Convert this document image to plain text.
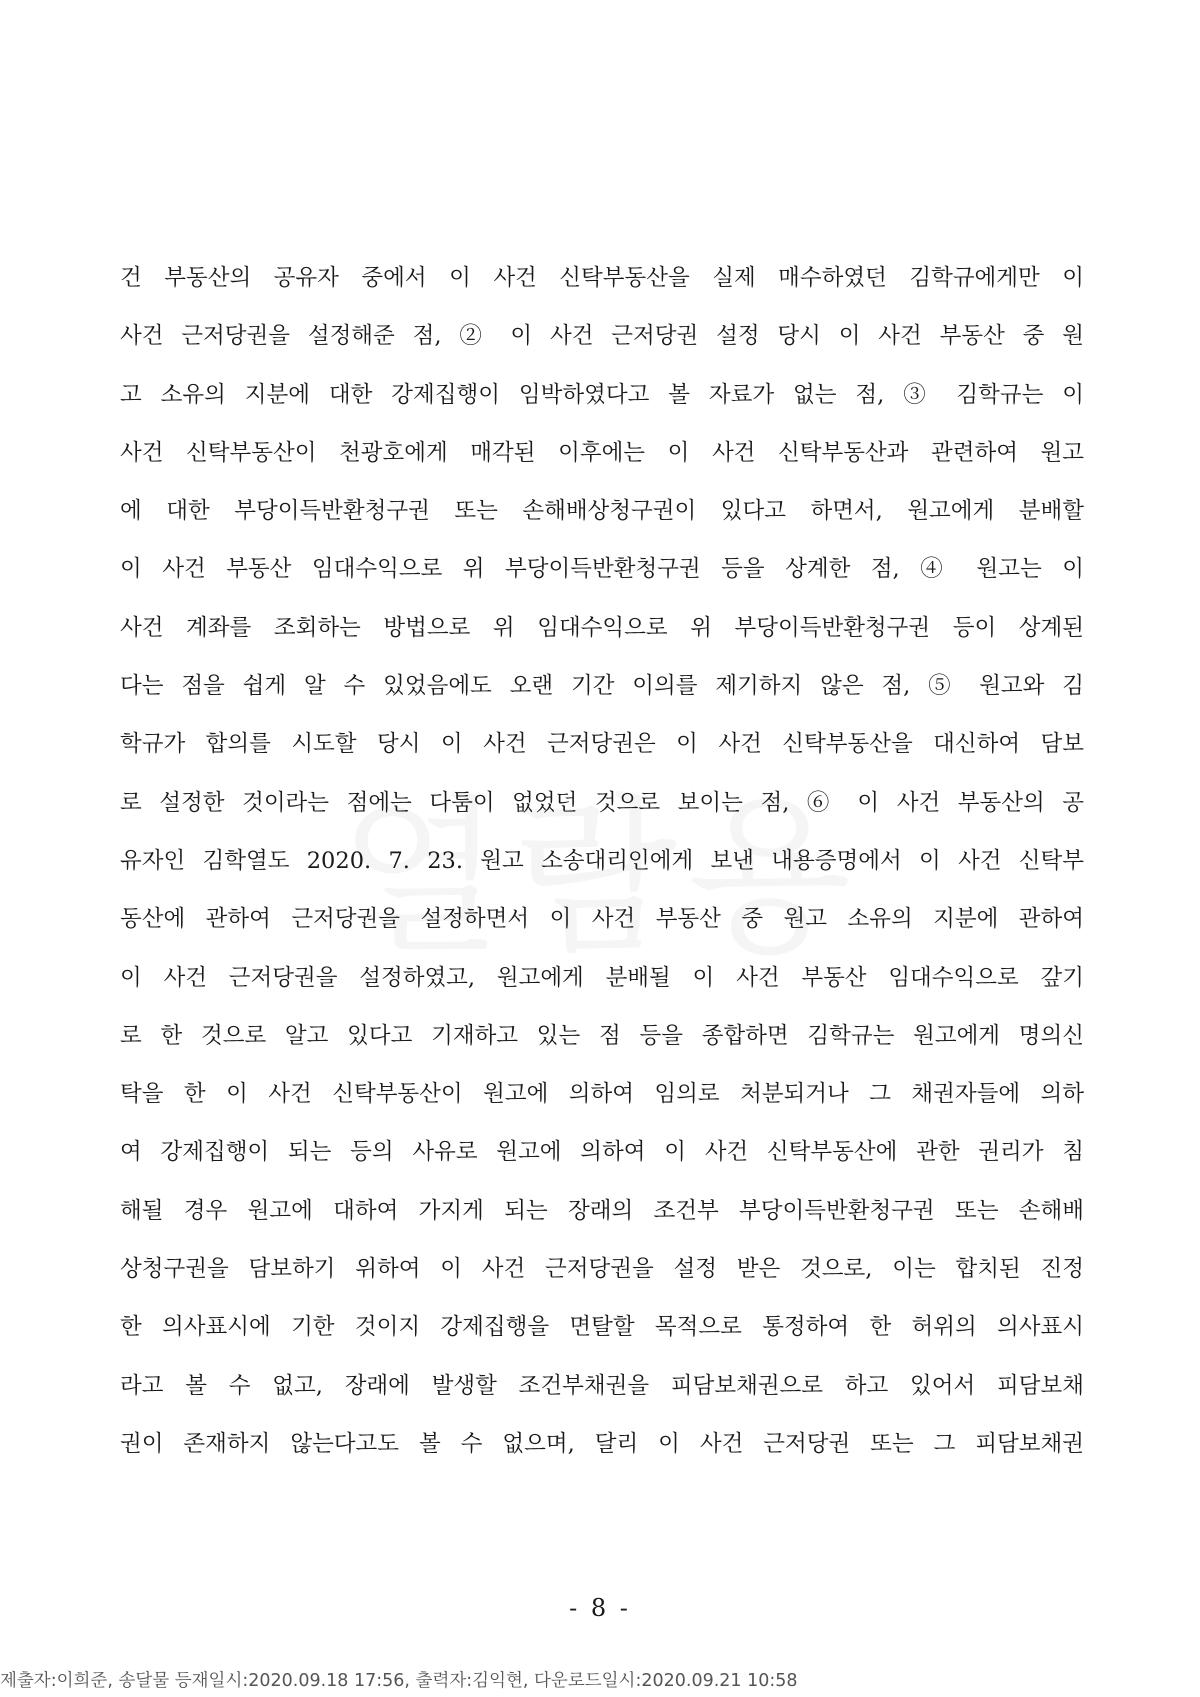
건 부동산의 공유자 중에서 이 사건 신탁부동산을 실제 매수하였던 김학규에게만 이
사건 근저당권을 설정해준 점, ② 이 사건 근저당권 설정 당시 이 사건 부동산 중 원
고 소유의 지분에 대한 강제집행이 임박하였다고 볼 자료가 없는 점, ③ 김학규는 이
사건 신탁부동산이 천광호에게 매각된 이후에는 이 사건 신탁부동산과 관련하여 원고
에 대한 부당이득반환청구권 또는 손해배상청구권이 있다고 하면서, 원고에게 분배할
이 사건 부동산 임대수익으로 위 부당이득반환청구권 등을 상계한 점, ④ 원고는 이
사건 계좌를 조회하는 방법으로 위 임대수익으로 위 부당이득반환청구권 등이 상계된
다는 점을 쉽게 알 수 있었음에도 오랜 기간 이의를 제기하지 않은 점, ⑤ 원고와 김
학규가 합의를 시도할 당시 이 사건 근저당권은 이 사건 신탁부동산을 대신하여 담보
로 설정한 것이라는 점에는 다툼이 없었던 것으로 보이는 점, ⑥ 이 사건 부동산의 공
유자인 김학열도 2020. 7. 23. 원고 소송대리인에게 보낸 내용증명에서 이 사건 신탁부
동산에 관하여 근저당권을 설정하면서 이 사건 부동산 중 원고 소유의 지분에 관하여
이 사건 근저당권을 설정하였고, 원고에게 분배될 이 사건 부동산 임대수익으로 갚기
로 한 것으로 알고 있다고 기재하고 있는 점 등을 종합하면 김학규는 원고에게 명의신
탁을 한 이 사건 신탁부동산이 원고에 의하여 임의로 처분되거나 그 채권자들에 의하
여 강제집행이 되는 등의 사유로 원고에 의하여 이 사건 신탁부동산에 관한 권리가 침
해될 경우 원고에 대하여 가지게 되는 장래의 조건부 부당이득반환청구권 또는 손해배
상청구권을 담보하기 위하여 이 사건 근저당권을 설정 받은 것으로, 이는 합치된 진정
한 의사표시에 기한 것이지 강제집행을 면탈할 목적으로 통정하여 한 허위의 의사표시
라고 볼 수 없고, 장래에 발생할 조건부채권을 피담보채권으로 하고 있어서 피담보채
권이 존재하지 않는다고도 볼 수 없으며, 달리 이 사건 근저당권 또는 그 피담보채권
- 8 -
제출자:이희준, 송달물 등재일시:2020.09.18 17:56, 출력자:김익현, 다운로드일시:2020.09.21 10:58
